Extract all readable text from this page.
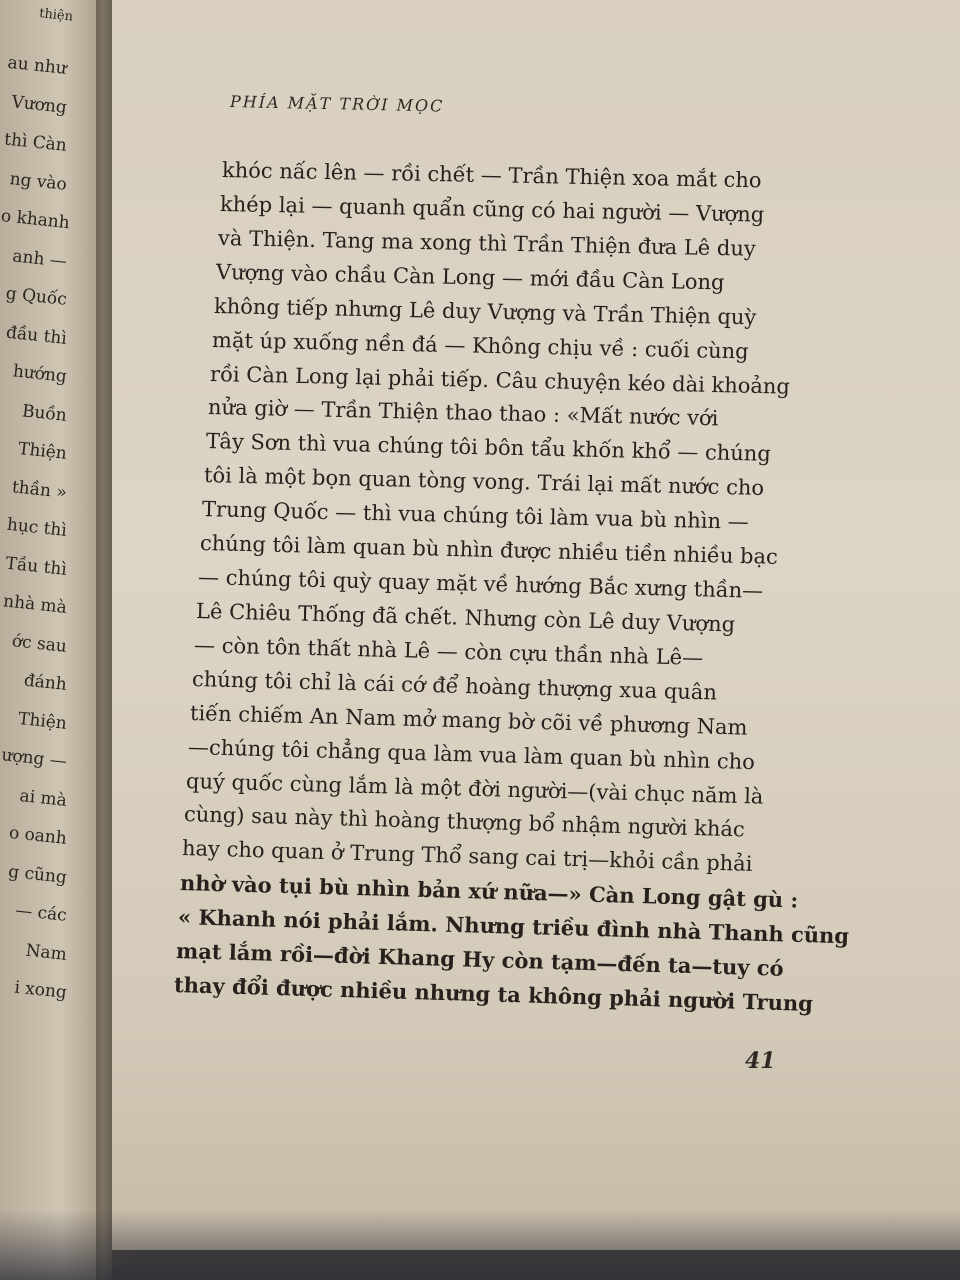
thiện
au như
Vương
thì Càn
ng vào
o khanh
anh —
g Quốc
đầu thì
hướng
Buồn
Thiện
thần »
hục thì
Tầu thì
nhà mà
ớc sau
đánh
Thiện
ượng —
ai mà
o oanh
g cũng
— các
Nam
i xong
PHÍA MẶT TRỜI MỌC
khóc nấc lên — rồi chết — Trần Thiện xoa mắt cho
khép lại — quanh quẩn cũng có hai người — Vượng
và Thiện. Tang ma xong thì Trần Thiện đưa Lê duy
Vượng vào chầu Càn Long — mới đầu Càn Long
không tiếp nhưng Lê duy Vượng và Trần Thiện quỳ
mặt úp xuống nền đá — Không chịu về : cuối cùng
rồi Càn Long lại phải tiếp. Câu chuyện kéo dài khoảng
nửa giờ — Trần Thiện thao thao : «Mất nước với
Tây Sơn thì vua chúng tôi bôn tẩu khốn khổ — chúng
tôi là một bọn quan tòng vong. Trái lại mất nước cho
Trung Quốc — thì vua chúng tôi làm vua bù nhìn —
chúng tôi làm quan bù nhìn được nhiều tiền nhiều bạc
— chúng tôi quỳ quay mặt về hướng Bắc xưng thần—
Lê Chiêu Thống đã chết. Nhưng còn Lê duy Vượng
— còn tôn thất nhà Lê — còn cựu thần nhà Lê—
chúng tôi chỉ là cái cớ để hoàng thượng xua quân
tiến chiếm An Nam mở mang bờ cõi về phương Nam
—chúng tôi chẳng qua làm vua làm quan bù nhìn cho
quý quốc cùng lắm là một đời người—(vài chục năm là
cùng) sau này thì hoàng thượng bổ nhậm người khác
hay cho quan ở Trung Thổ sang cai trị—khỏi cần phải
nhờ vào tụi bù nhìn bản xứ nữa—» Càn Long gật gù :
« Khanh nói phải lắm. Nhưng triều đình nhà Thanh cũng
mạt lắm rồi—đời Khang Hy còn tạm—đến ta—tuy có
thay đổi được nhiều nhưng ta không phải người Trung
41
